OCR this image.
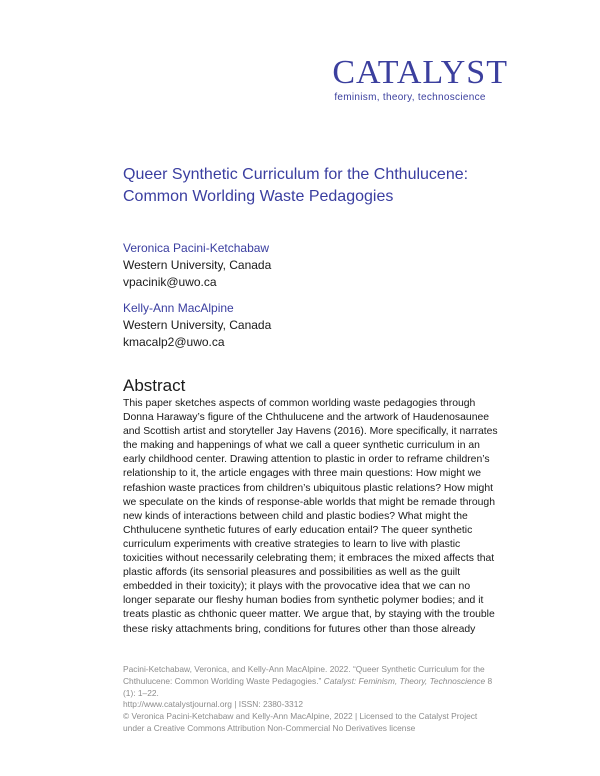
CATALYST
feminism, theory, technoscience
Queer Synthetic Curriculum for the Chthulucene:
Common Worlding Waste Pedagogies
Veronica Pacini-Ketchabaw
Western University, Canada
vpacinik@uwo.ca
Kelly-Ann MacAlpine
Western University, Canada
kmacalp2@uwo.ca
Abstract

This paper sketches aspects of common worlding waste pedagogies through
Donna Haraway’s figure of the Chthulucene and the artwork of Haudenosaunee
and Scottish artist and storyteller Jay Havens (2016). More specifically, it narrates
the making and happenings of what we call a queer synthetic curriculum in an
early childhood center. Drawing attention to plastic in order to reframe children’s
relationship to it, the article engages with three main questions: How might we
refashion waste practices from children’s ubiquitous plastic relations? How might
we speculate on the kinds of response-able worlds that might be remade through
new kinds of interactions between child and plastic bodies? What might the
Chthulucene synthetic futures of early education entail? The queer synthetic
curriculum experiments with creative strategies to learn to live with plastic
toxicities without necessarily celebrating them; it embraces the mixed affects that
plastic affords (its sensorial pleasures and possibilities as well as the guilt
embedded in their toxicity); it plays with the provocative idea that we can no
longer separate our fleshy human bodies from synthetic polymer bodies; and it
treats plastic as chthonic queer matter. We argue that, by staying with the trouble
these risky attachments bring, conditions for futures other than those already

Pacini-Ketchabaw, Veronica, and Kelly-Ann MacAlpine. 2022. “Queer Synthetic Curriculum for the
Chthulucene: Common Worlding Waste Pedagogies.” Catalyst: Feminism, Theory, Technoscience 8
(1): 1–22.
http://www.catalystjournal.org | ISSN: 2380-3312
© Veronica Pacini-Ketchabaw and Kelly-Ann MacAlpine, 2022 | Licensed to the Catalyst Project
under a Creative Commons Attribution Non-Commercial No Derivatives license
